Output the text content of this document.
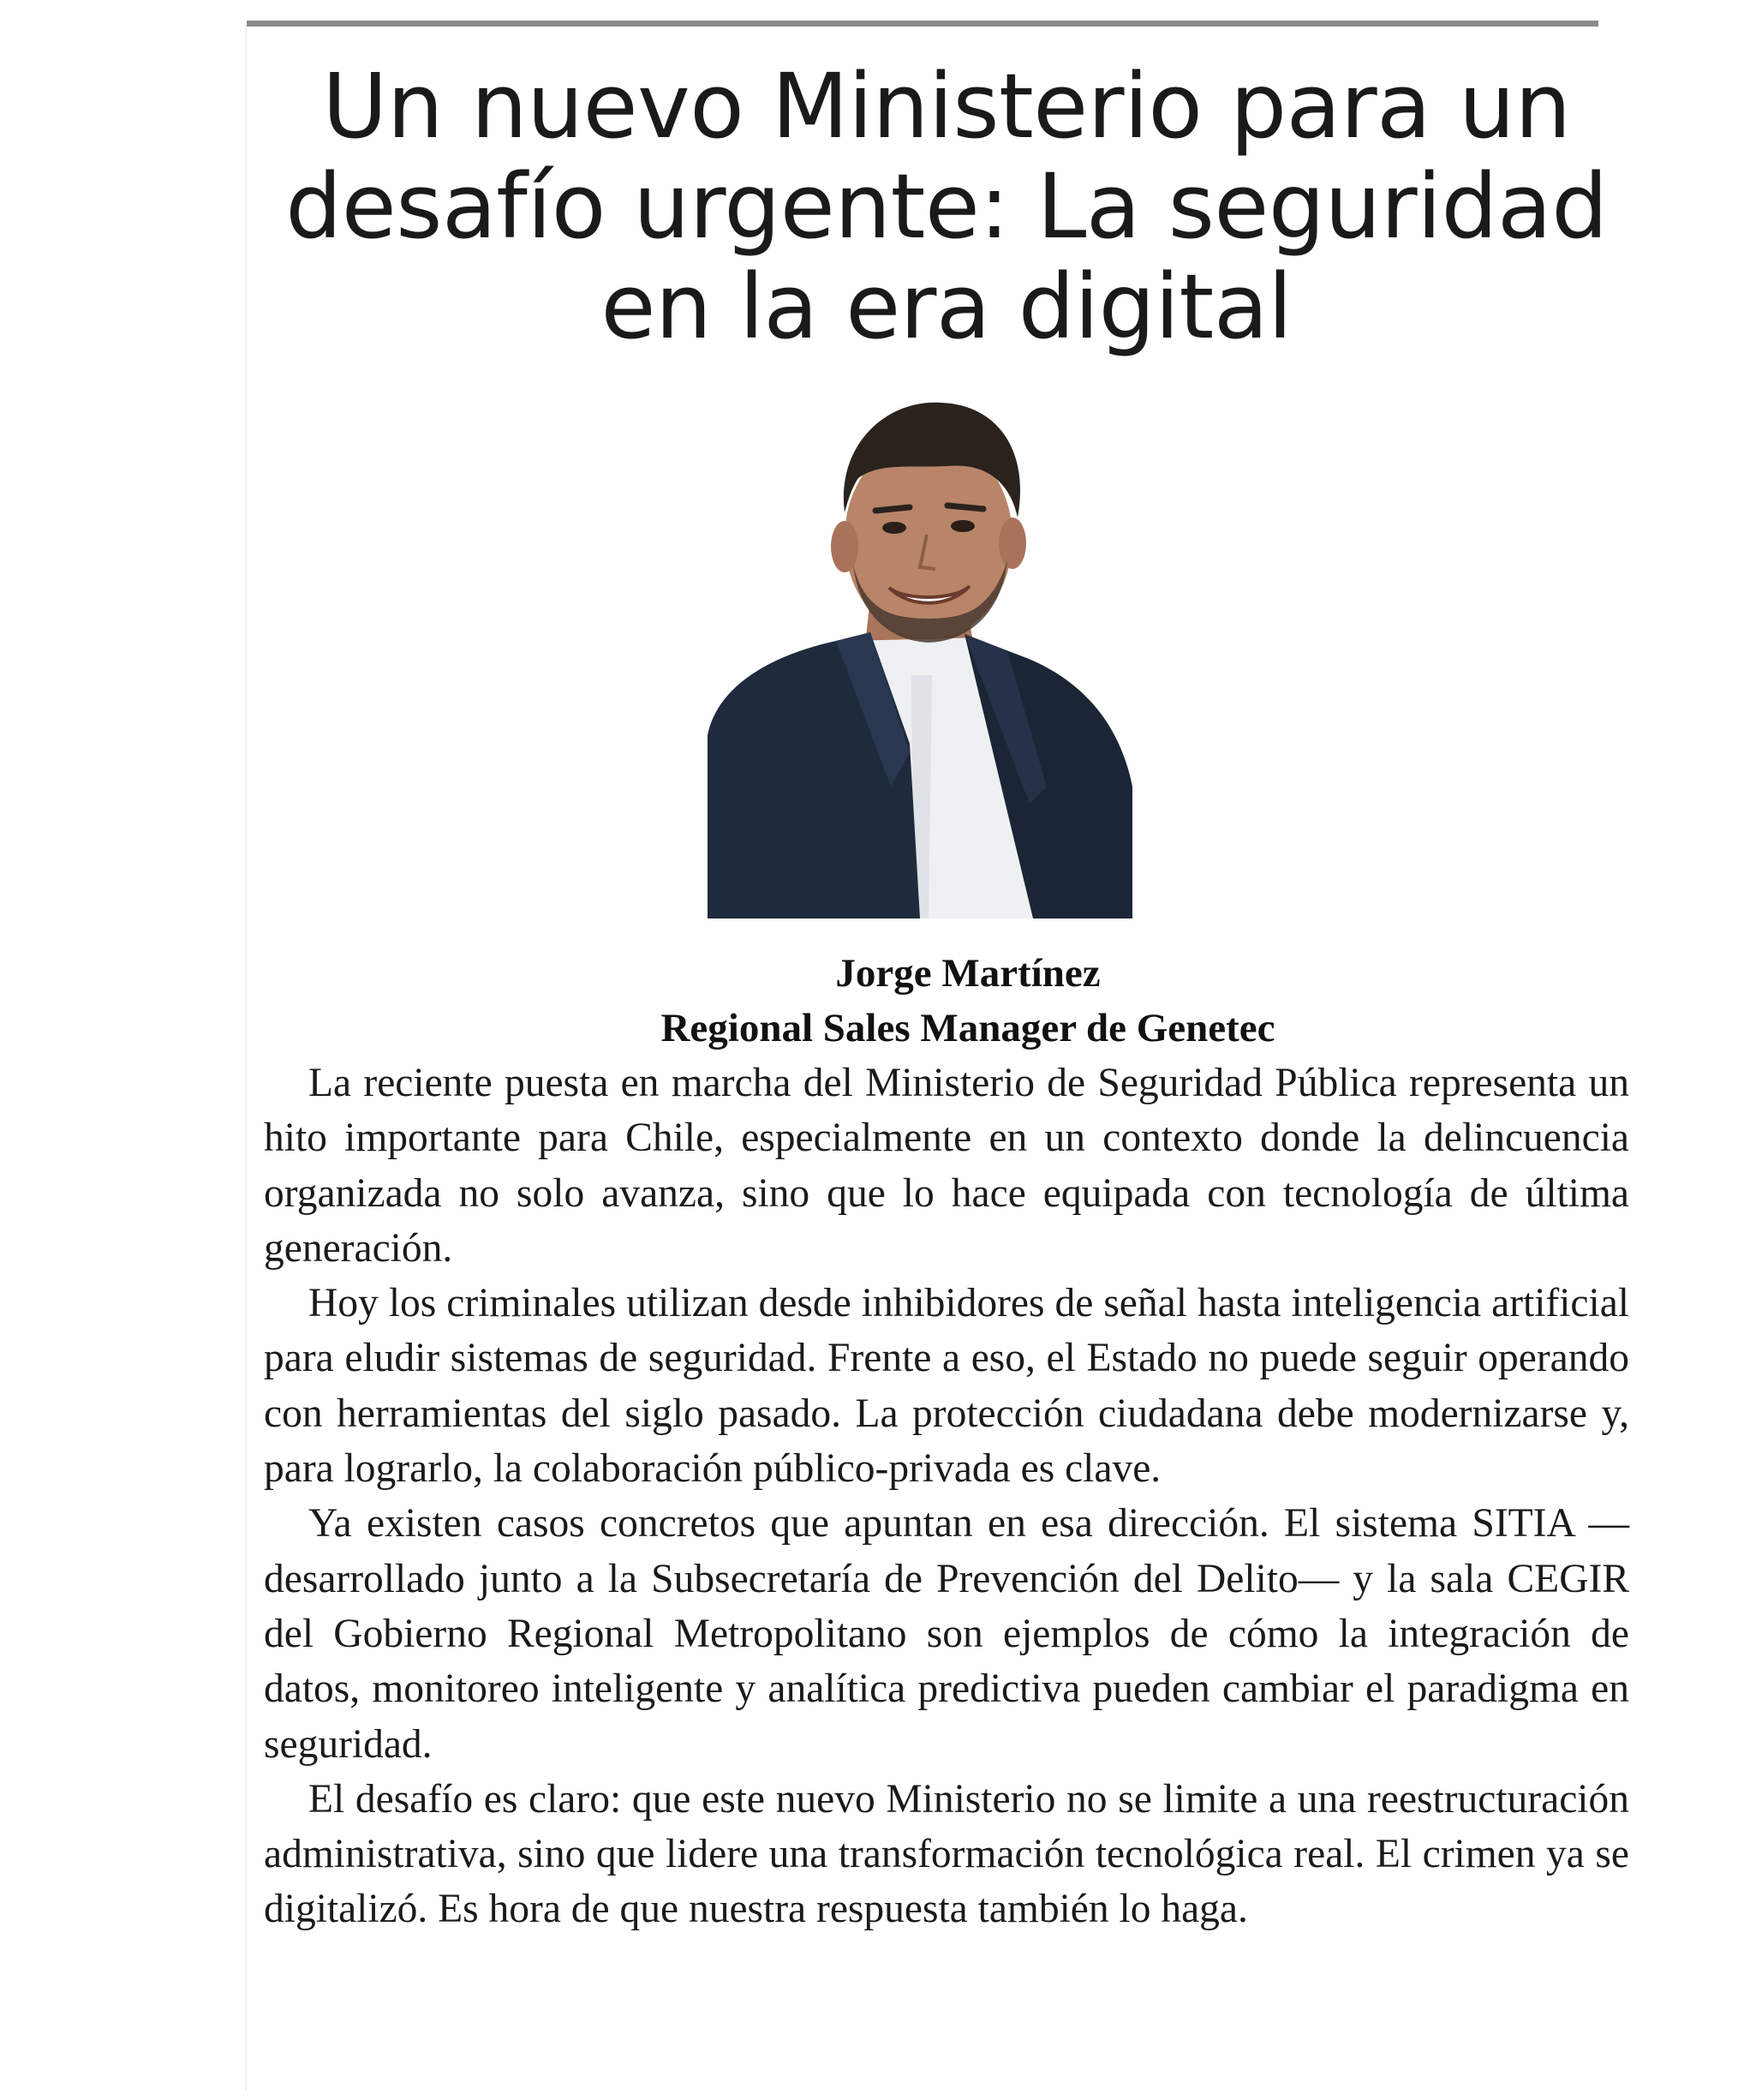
Un nuevo Ministerio para un desafío urgente: La seguridad en la era digital
Jorge Martínez
Regional Sales Manager de Genetec

La reciente puesta en marcha del Ministerio de Seguridad Pública representa un hito importante para Chile, especialmente en un contexto donde la delincuencia organizada no solo avanza, sino que lo hace equipada con tecnología de última generación.

Hoy los criminales utilizan desde inhibidores de señal hasta inteligencia artificial para eludir sistemas de seguridad. Frente a eso, el Estado no puede seguir operando con herramientas del siglo pasado. La protección ciudadana debe modernizarse y, para lograrlo, la colaboración público-privada es clave.

Ya existen casos concretos que apuntan en esa dirección. El sistema SITIA —desarrollado junto a la Subsecretaría de Prevención del Delito— y la sala CEGIR del Gobierno Regional Metropolitano son ejemplos de cómo la integración de datos, monitoreo inteligente y analítica predictiva pueden cambiar el paradigma en seguridad.

El desafío es claro: que este nuevo Ministerio no se limite a una reestructuración administrativa, sino que lidere una transformación tecnológica real. El crimen ya se digitalizó. Es hora de que nuestra respuesta también lo haga.
